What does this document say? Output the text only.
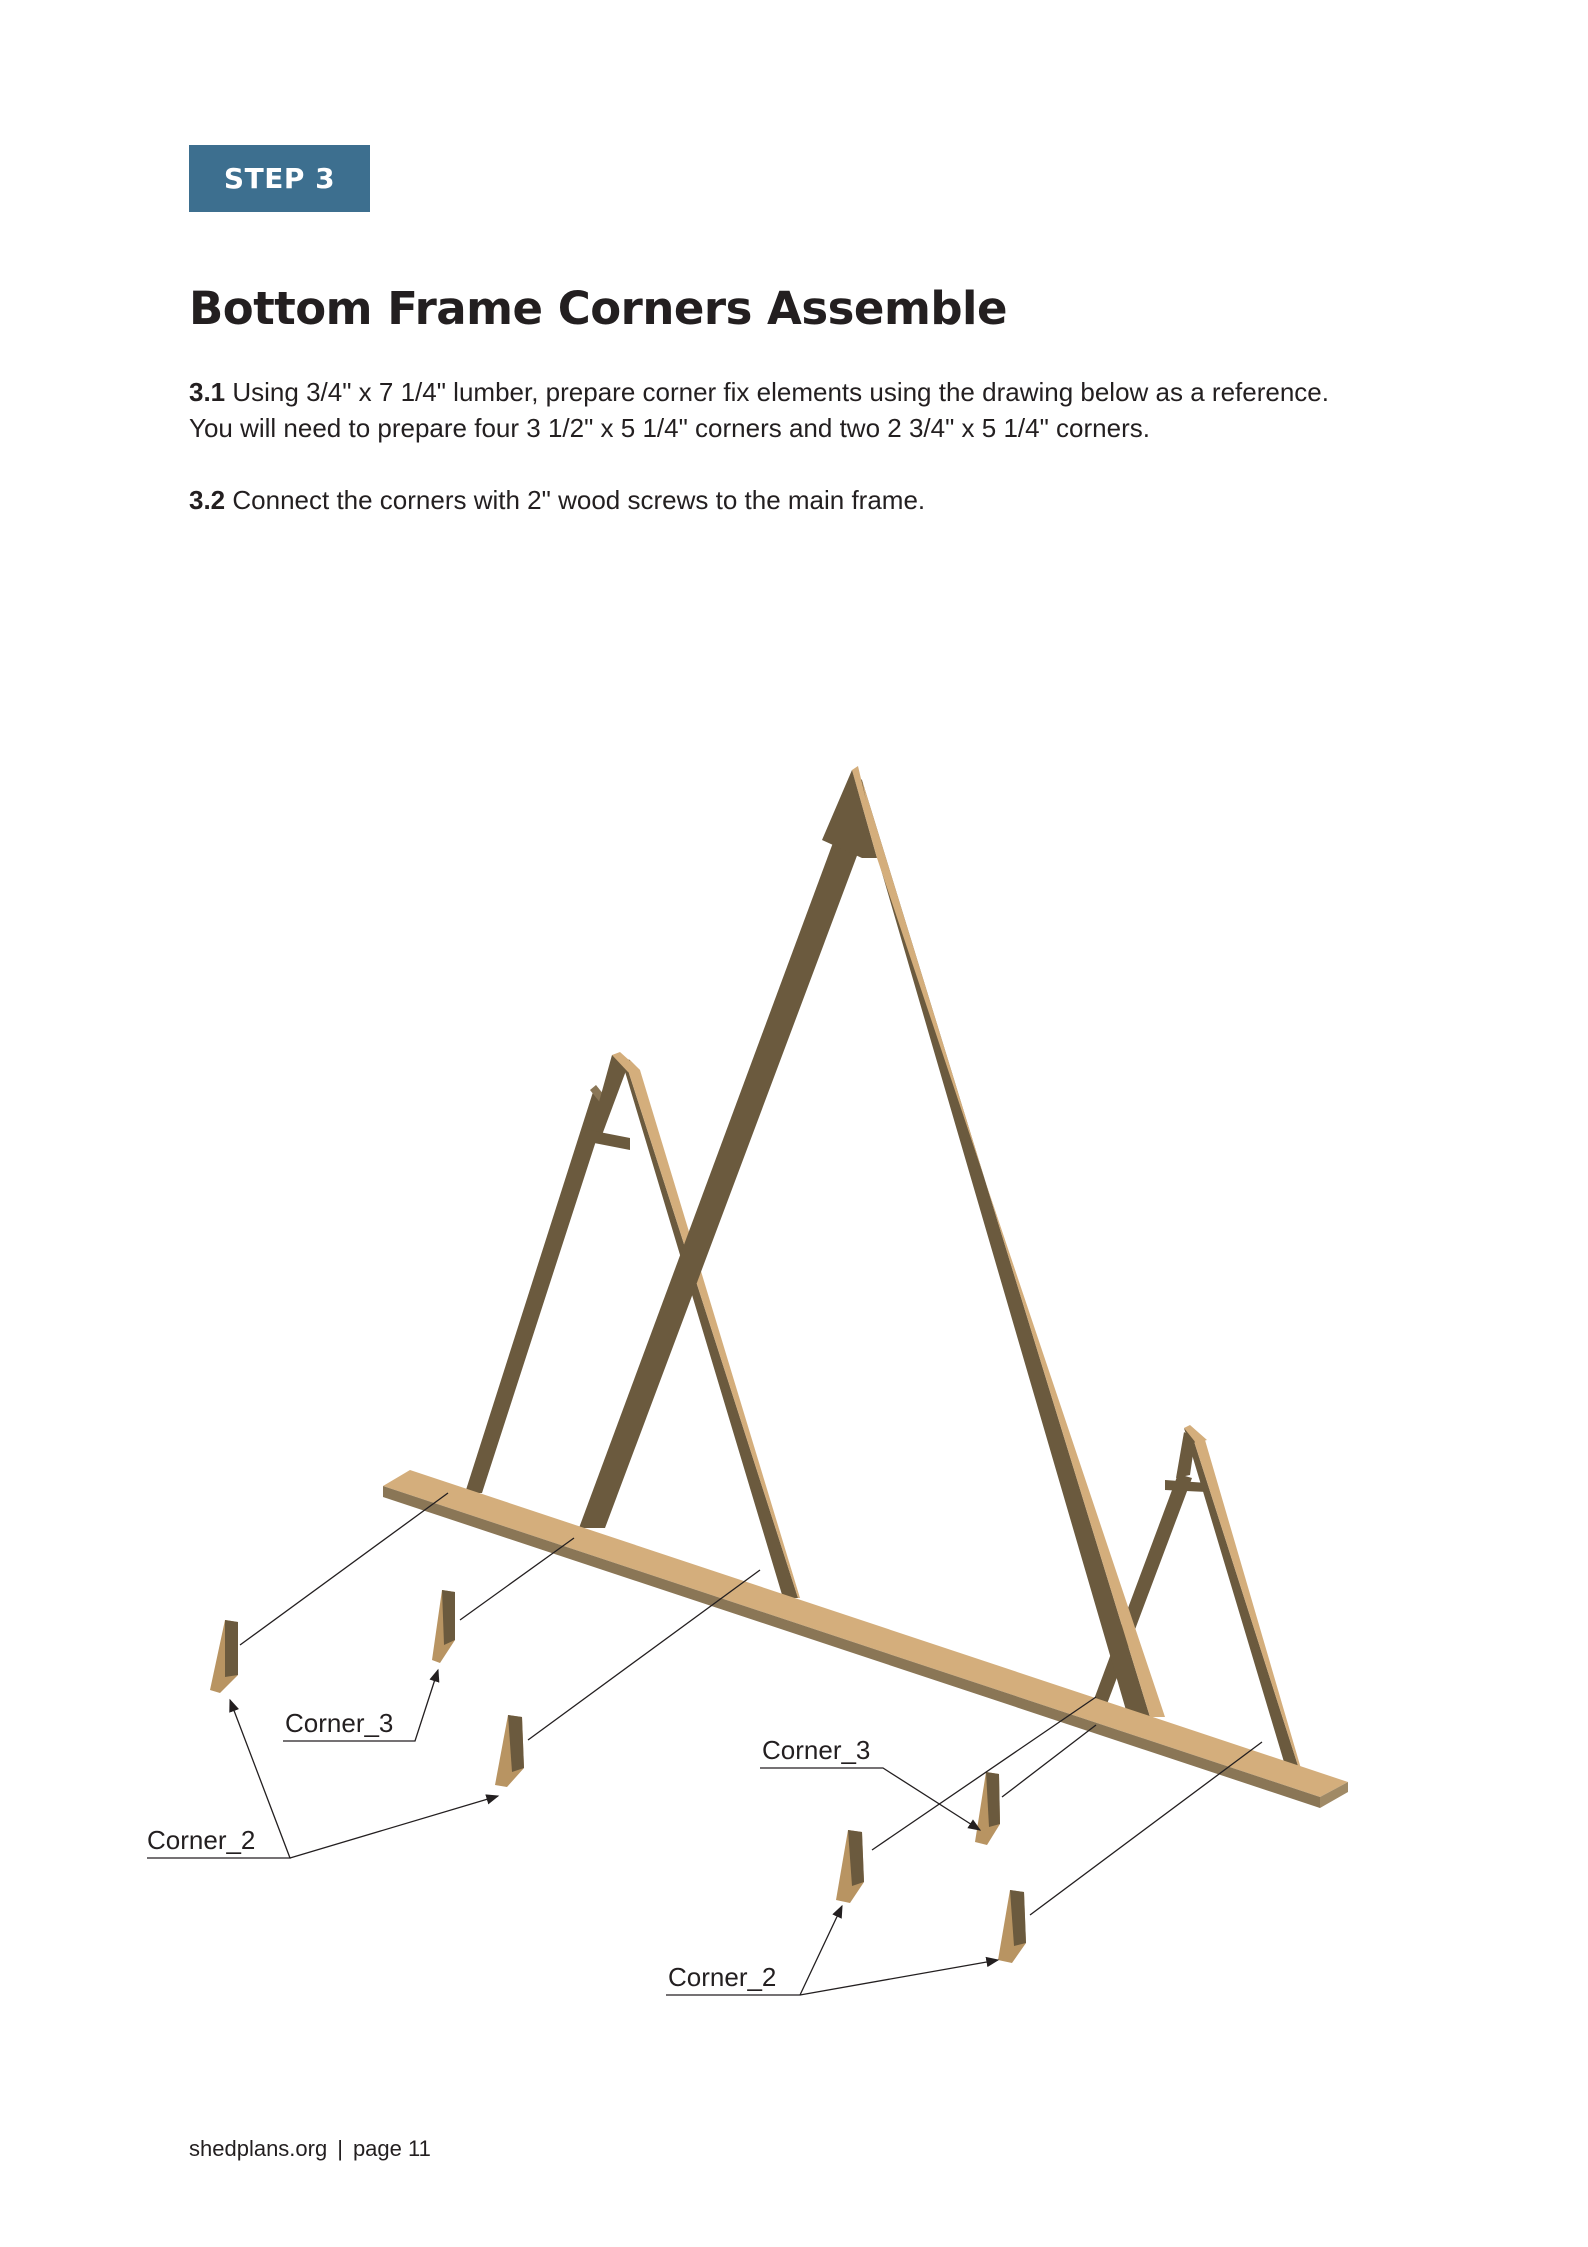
STEP 3
Bottom Frame Corners Assemble

3.1 Using 3/4" x 7 1/4" lumber, prepare corner fix elements using the drawing below as a reference.
You will need to prepare four 3 1/2" x 5 1/4" corners and two 2 3/4" x 5 1/4" corners.

3.2 Connect the corners with 2" wood screws to the main frame.

Corner_3
Corner_2
Corner_3
Corner_2
shedplans.org | page 11
